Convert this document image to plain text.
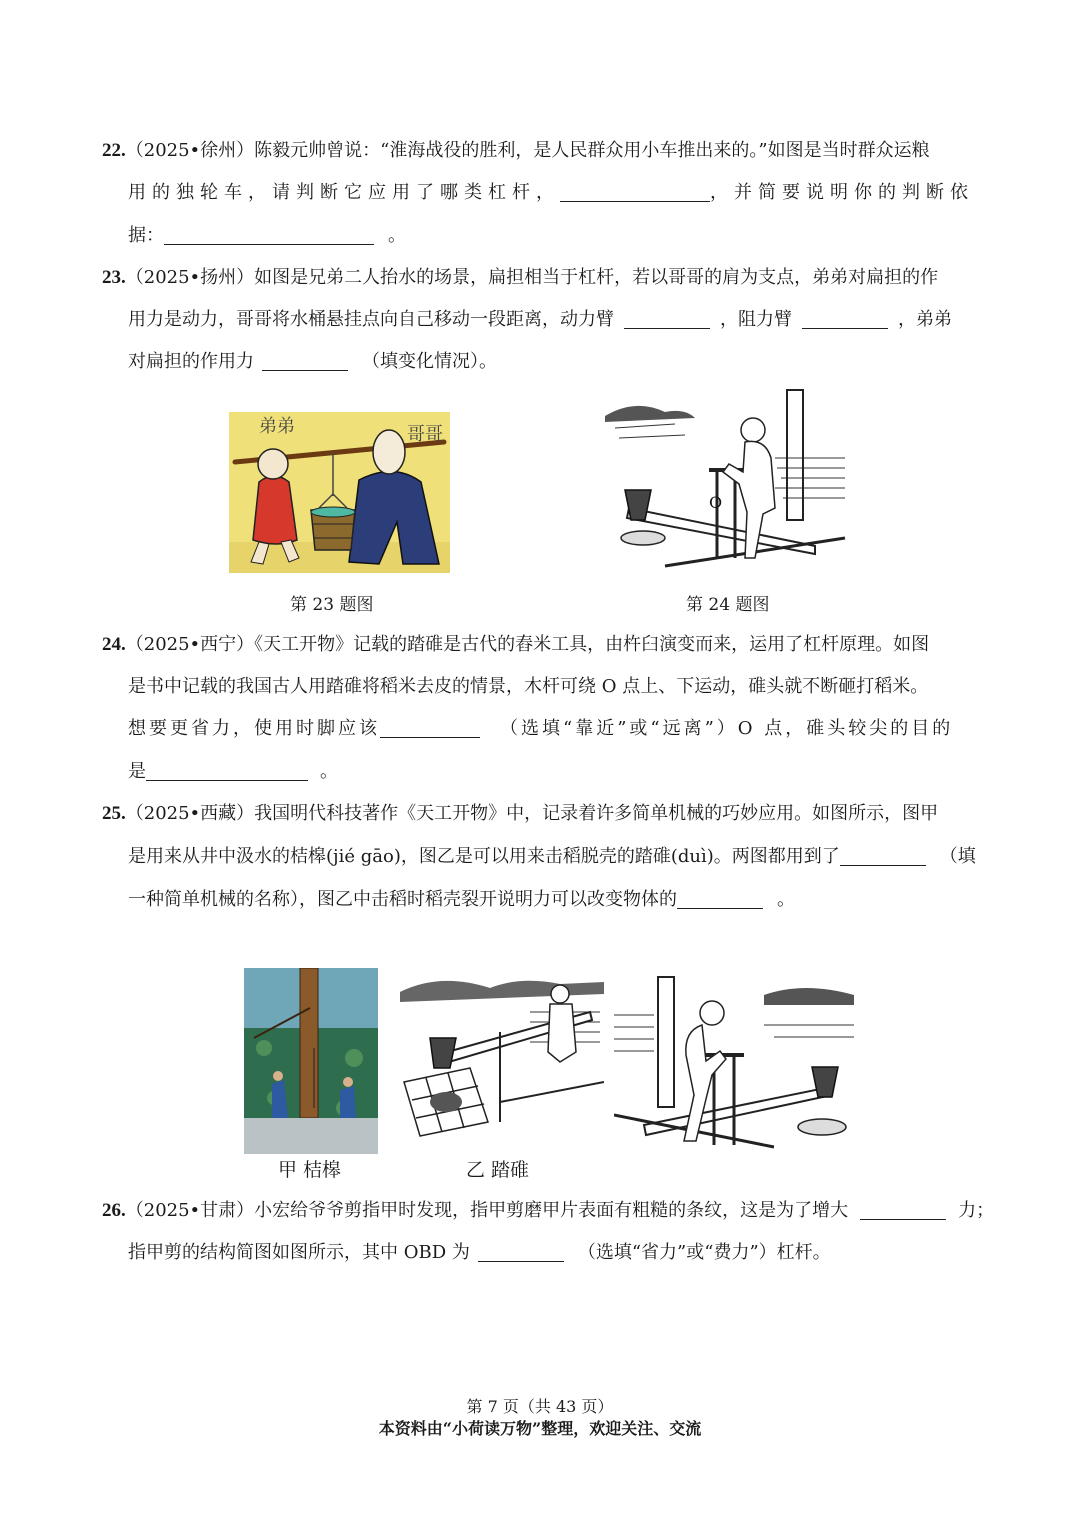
22.（2025•徐州）陈毅元帅曾说：“淮海战役的胜利，是人民群众用小车推出来的。”如图是当时群众运粮
用的独轮车，请判断它应用了哪类杠杆，	，并简要说明你的判断依
据：	。
23.（2025•扬州）如图是兄弟二人抬水的场景，扁担相当于杠杆，若以哥哥的肩为支点，弟弟对扁担的作
用力是动力，哥哥将水桶悬挂点向自己移动一段距离，动力臂	，阻力臂	，弟弟
对扁担的作用力	（填变化情况）。
弟弟	哥哥
第 23 题图
O
第 24 题图
24.（2025•西宁）《天工开物》记载的踏碓是古代的舂米工具，由杵臼演变而来，运用了杠杆原理。如图
是书中记载的我国古人用踏碓将稻米去皮的情景，木杆可绕 O 点上、下运动，碓头就不断砸打稻米。
想要更省力，使用时脚应该	（选填“靠近”或“远离”）O 点，碓头较尖的目的
是	。
25.（2025•西藏）我国明代科技著作《天工开物》中，记录着许多简单机械的巧妙应用。如图所示，图甲
是用来从井中汲水的桔槔(jié gāo)，图乙是可以用来击稻脱壳的踏碓(duì)。两图都用到了	（填
一种简单机械的名称），图乙中击稻时稻壳裂开说明力可以改变物体的	。
甲 桔槔	乙 踏碓
26.（2025•甘肃）小宏给爷爷剪指甲时发现，指甲剪磨甲片表面有粗糙的条纹，这是为了增大	力；
指甲剪的结构简图如图所示，其中 OBD 为	（选填“省力”或“费力”）杠杆。
第 7 页（共 43 页）
本资料由“小荷读万物”整理，欢迎关注、交流
